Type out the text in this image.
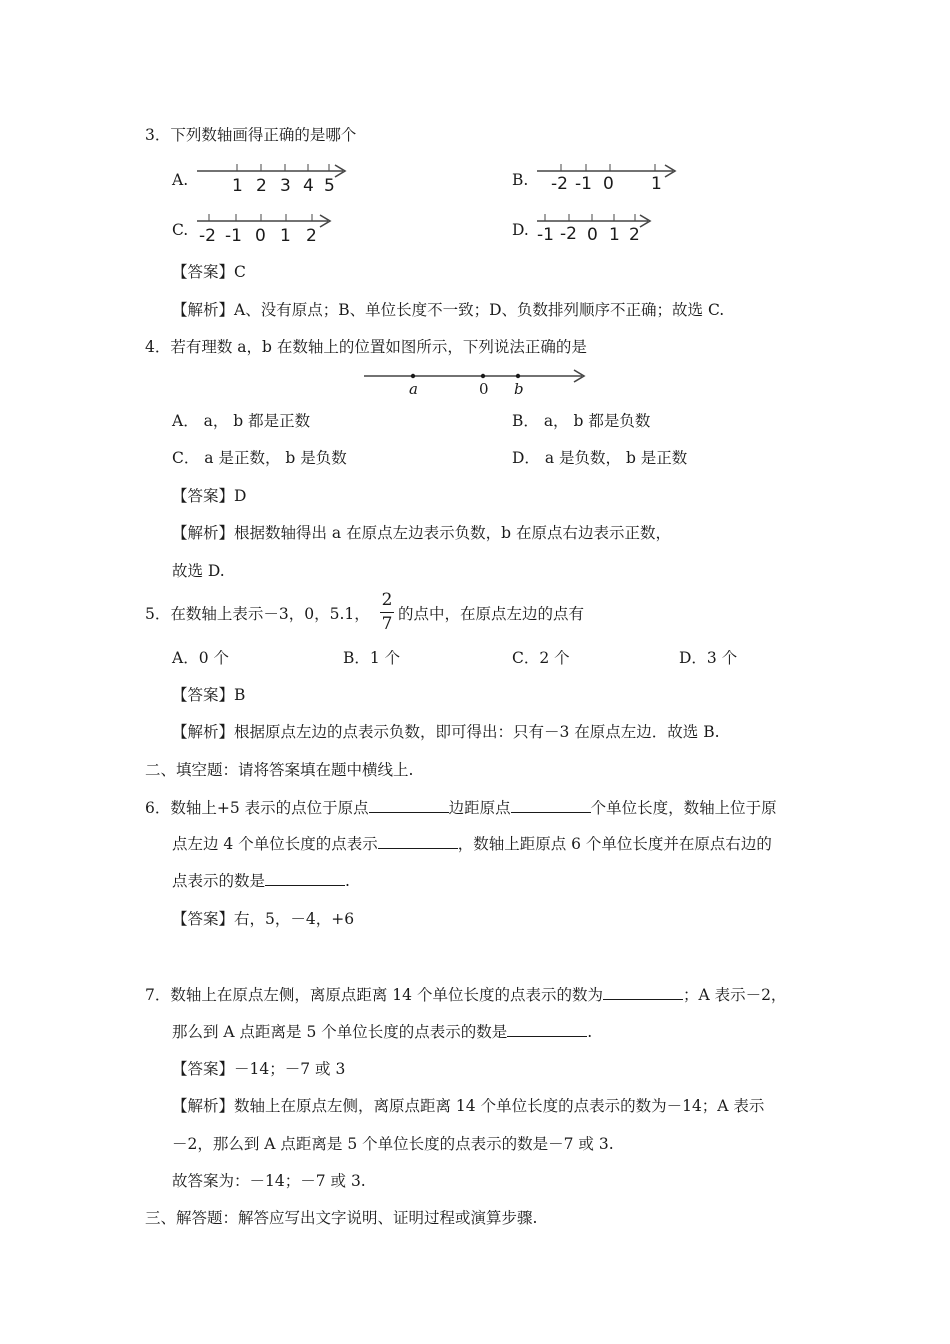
3．下列数轴画得正确的是哪个
A.	1 2 3 4 5	B. -2 -1 0 1
C. -2 -1 0 1 2	D. -1 -2 0 1 2
【答案】C
【解析】A、没有原点；B、单位长度不一致；D、负数排列顺序不正确；故选 C.
4．若有理数 a，b 在数轴上的位置如图所示，下列说法正确的是
a	0 b
A． a， b 都是正数	B． a， b 都是负数
C． a 是正数， b 是负数	D． a 是负数， b 是正数
【答案】D
【解析】根据数轴得出 a 在原点左边表示负数，b 在原点右边表示正数，
故选 D.
5．在数轴上表示－3，0，5.1，
2
7 的点中，在原点左边的点有
A．0 个	B．1 个	C．2 个	D．3 个
【答案】B
【解析】根据原点左边的点表示负数，即可得出：只有－3 在原点左边．故选 B.
二、填空题：请将答案填在题中横线上.
6．数轴上+5 表示的点位于原点	边距原点	个单位长度，数轴上位于原
点左边 4 个单位长度的点表示	，数轴上距原点 6 个单位长度并在原点右边的
点表示的数是	.
【答案】右，5，－4，+6
7．数轴上在原点左侧，离原点距离 14 个单位长度的点表示的数为	；A 表示－2，
那么到 A 点距离是 5 个单位长度的点表示的数是	.
【答案】－14；－7 或 3
【解析】数轴上在原点左侧，离原点距离 14 个单位长度的点表示的数为－14；A 表示
－2，那么到 A 点距离是 5 个单位长度的点表示的数是－7 或 3.
故答案为：－14；－7 或 3.
三、解答题：解答应写出文字说明、证明过程或演算步骤.
